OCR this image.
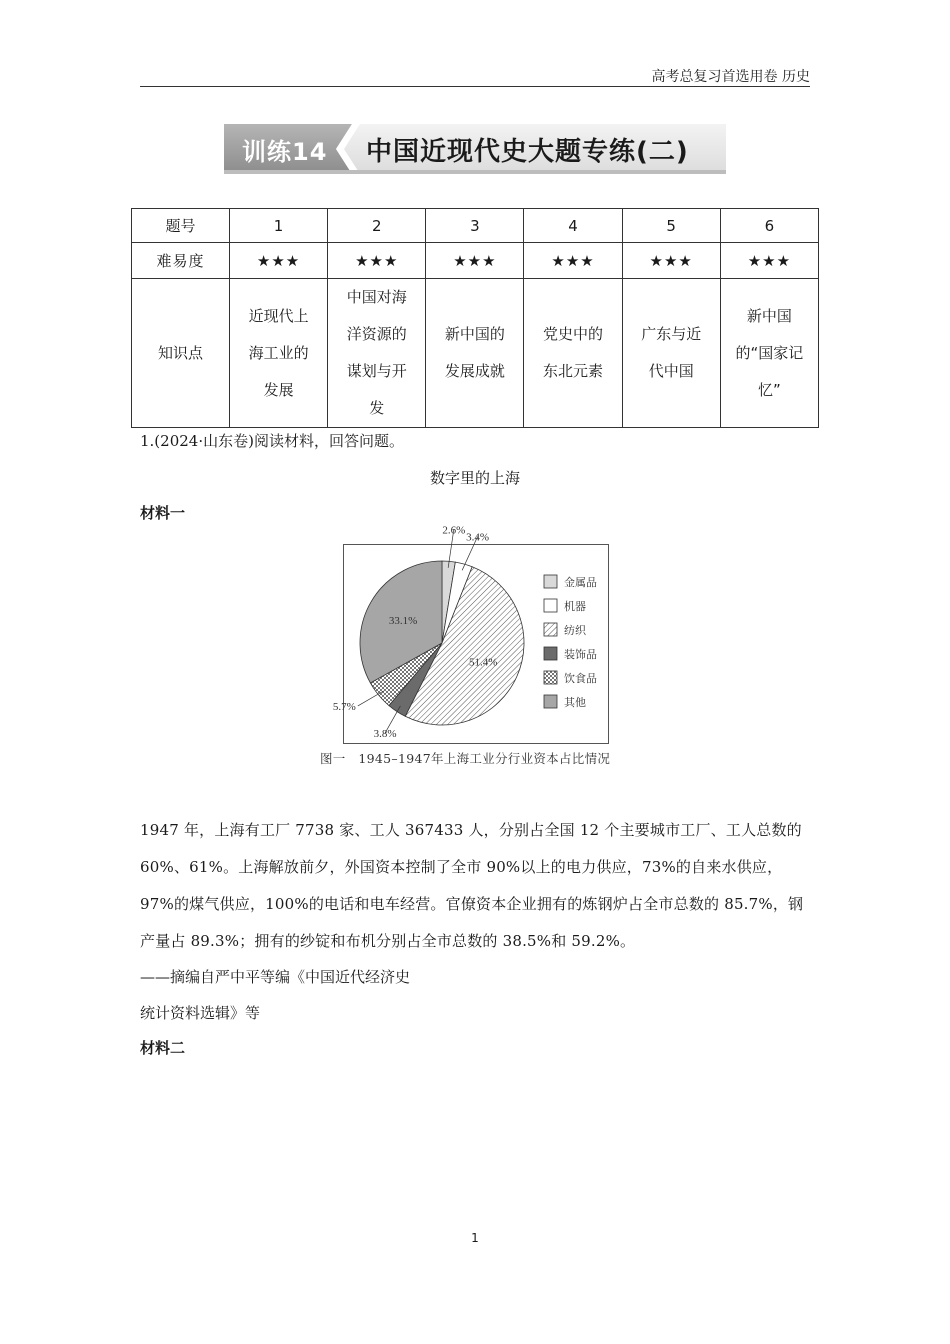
高考总复习首选用卷 历史
训练14 中国近现代史大题专练(二)
题号	1	2	3	4	5	6
难易度	★★★	★★★	★★★	★★★	★★★	★★★
知识点	近现代上海工业的发展	中国对海洋资源的谋划与开发	新中国的发展成就	党史中的东北元素	广东与近代中国	新中国的“国家记忆”
1.(2024·山东卷)阅读材料，回答问题。
数字里的上海
材料一
2.6%
3.4%
51.4%
3.8%
5.7%
33.1%
金属品
机器
纺织
装饰品
饮食品
其他
图一　1945–1947年上海工业分行业资本占比情况

1947 年，上海有工厂 7738 家、工人 367433 人，分别占全国 12 个主要城市工厂、工人总数的 60%、61%。上海解放前夕，外国资本控制了全市 90%以上的电力供应，73%的自来水供应，97%的煤气供应，100%的电话和电车经营。官僚资本企业拥有的炼钢炉占全市总数的 85.7%，钢产量占 89.3%；拥有的纱锭和布机分别占全市总数的 38.5%和 59.2%。

——摘编自严中平等编《中国近代经济史
统计资料选辑》等
材料二
1
